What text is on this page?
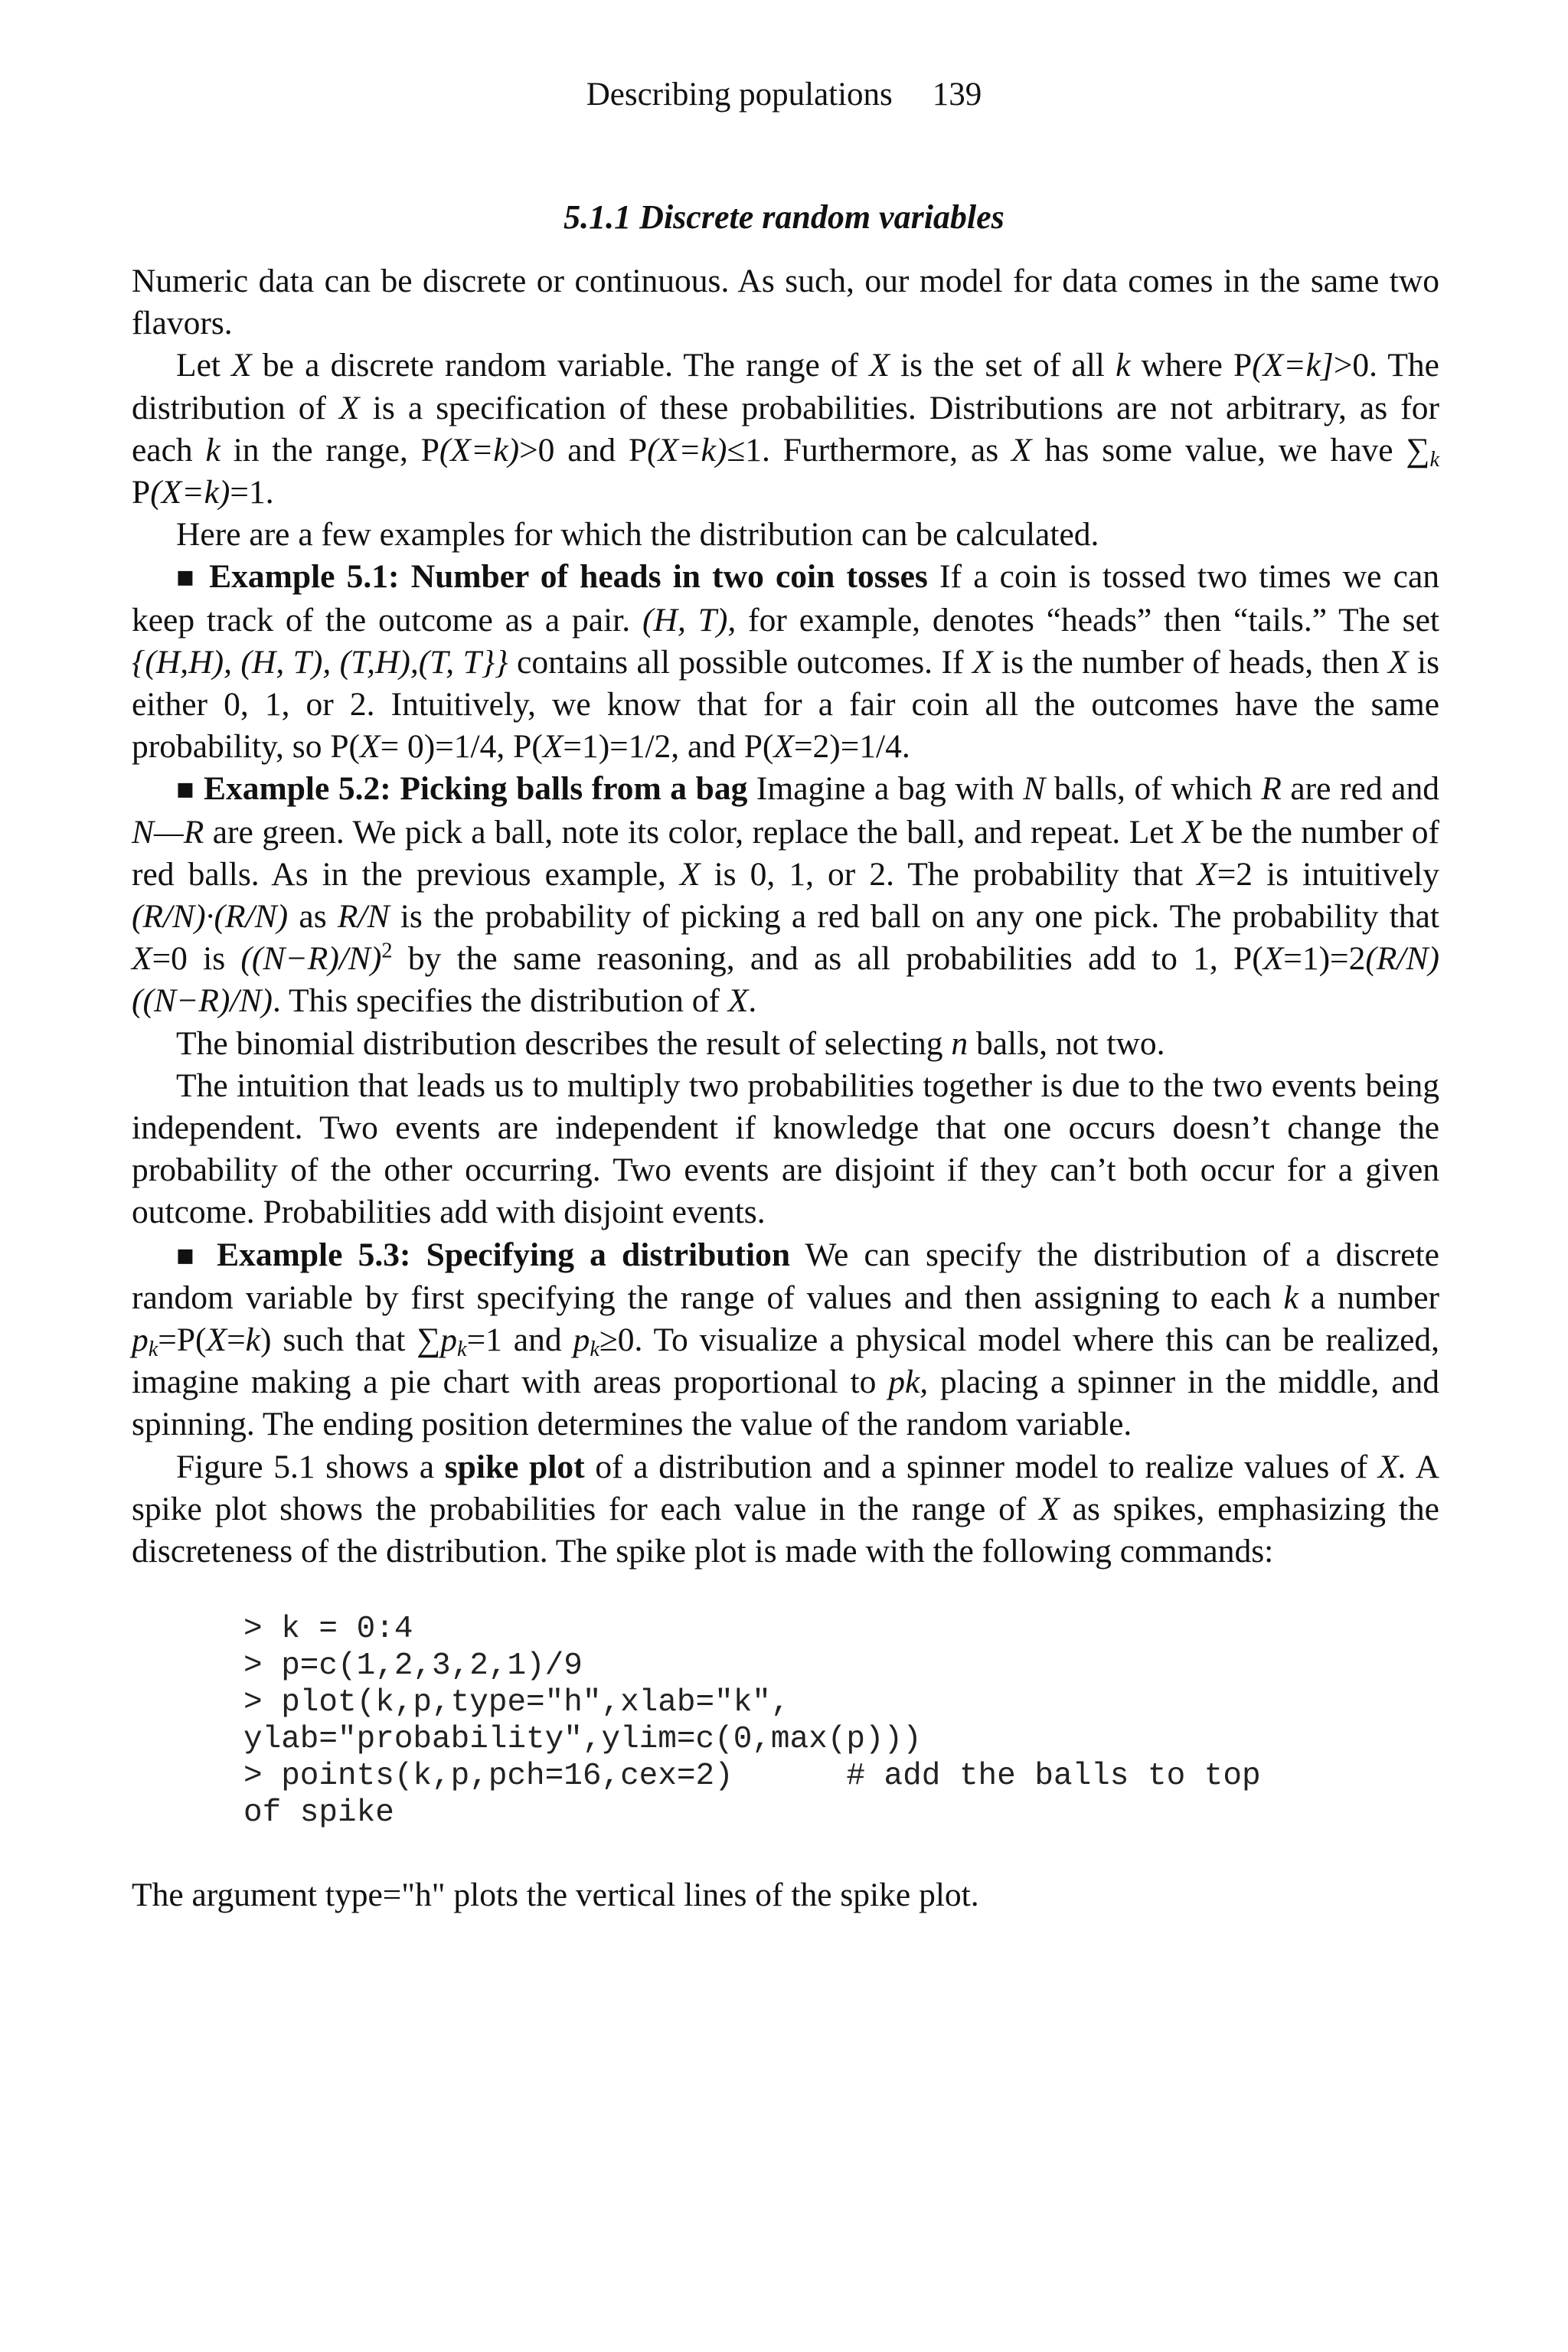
Describing populations 139
5.1.1 Discrete random variables

Numeric data can be discrete or continuous. As such, our model for data comes in the same two flavors.

Let X be a discrete random variable. The range of X is the set of all k where P(X=k]>0. The distribution of X is a specification of these probabilities. Distributions are not arbitrary, as for each k in the range, P(X=k)>0 and P(X=k)≤1. Furthermore, as X has some value, we have $\sum_k$ P(X=k)=1.

Here are a few examples for which the distribution can be calculated.

■ Example 5.1: Number of heads in two coin tosses If a coin is tossed two times we can keep track of the outcome as a pair. (H, T), for example, denotes “heads” then “tails.” The set {(H,H), (H, T), (T,H),(T, T}} contains all possible outcomes. If X is the number of heads, then X is either 0, 1, or 2. Intuitively, we know that for a fair coin all the outcomes have the same probability, so P(X= 0)=1/4, P(X=1)=1/2, and P(X=2)=1/4.

■ Example 5.2: Picking balls from a bag Imagine a bag with N balls, of which R are red and N—R are green. We pick a ball, note its color, replace the ball, and repeat. Let X be the number of red balls. As in the previous example, X is 0, 1, or 2. The probability that X=2 is intuitively (R/N)·(R/N) as R/N is the probability of picking a red ball on any one pick. The probability that X=0 is $((N-R)/N)^2$ by the same reasoning, and as all probabilities add to 1, P(X=1)=2(R/N)((N−R)/N). This specifies the distribution of X.

The binomial distribution describes the result of selecting n balls, not two.

The intuition that leads us to multiply two probabilities together is due to the two events being independent. Two events are independent if knowledge that one occurs doesn’t change the probability of the other occurring. Two events are disjoint if they can’t both occur for a given outcome. Probabilities add with disjoint events.

■ Example 5.3: Specifying a distribution We can specify the distribution of a discrete random variable by first specifying the range of values and then assigning to each k a number $p_k=P(X=k)$ such that $\sum p_k=1$ and $p_k\ge 0$. To visualize a physical model where this can be realized, imagine making a pie chart with areas proportional to pk, placing a spinner in the middle, and spinning. The ending position determines the value of the random variable.

Figure 5.1 shows a spike plot of a distribution and a spinner model to realize values of X. A spike plot shows the probabilities for each value in the range of X as spikes, emphasizing the discreteness of the distribution. The spike plot is made with the following commands:

> k = 0:4
> p=c(1,2,3,2,1)/9
> plot(k,p,type="h",xlab="k",
ylab="probability",ylim=c(0,max(p)))
> points(k,p,pch=16,cex=2)      # add the balls to top
of spike

The argument type="h" plots the vertical lines of the spike plot.
